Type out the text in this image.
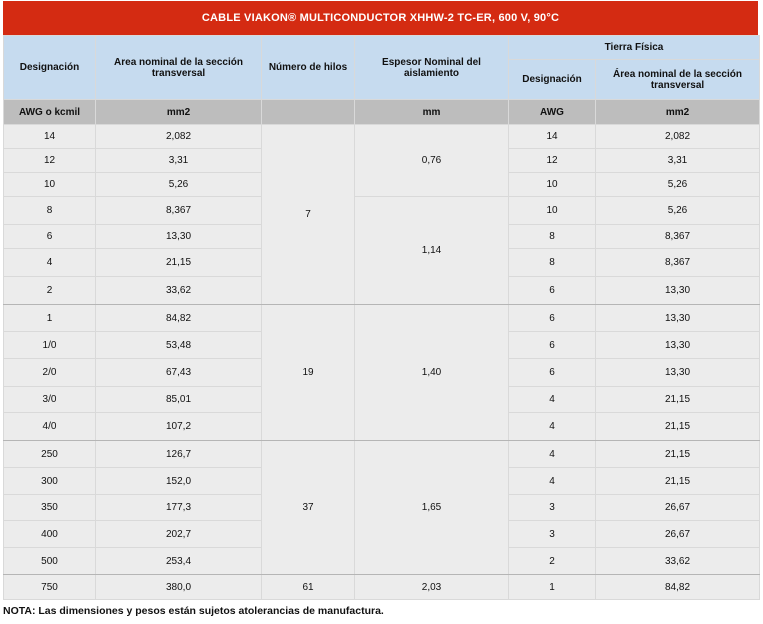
CABLE VIAKON® MULTICONDUCTOR XHHW-2 TC-ER, 600 V, 90°C
Designación	Area nominal de la sección transversal	Número de hilos	Espesor Nominal del aislamiento	Tierra Física	
				Designación	Área nominal de la sección transversal
AWG o kcmil	mm2		mm	AWG	mm2
14	2,082	7	0,76	14	2,082
12	3,31			12	3,31
10	5,26			10	5,26
8	8,367		1,14	10	5,26
6	13,30			8	8,367
4	21,15			8	8,367
2	33,62			6	13,30
1	84,82	19	1,40	6	13,30
1/0	53,48			6	13,30
2/0	67,43			6	13,30
3/0	85,01			4	21,15
4/0	107,2			4	21,15
250	126,7	37	1,65	4	21,15
300	152,0			4	21,15
350	177,3			3	26,67
400	202,7			3	26,67
500	253,4			2	33,62
750	380,0	61	2,03	1	84,82
NOTA: Las dimensiones y pesos están sujetos atolerancias de manufactura.
